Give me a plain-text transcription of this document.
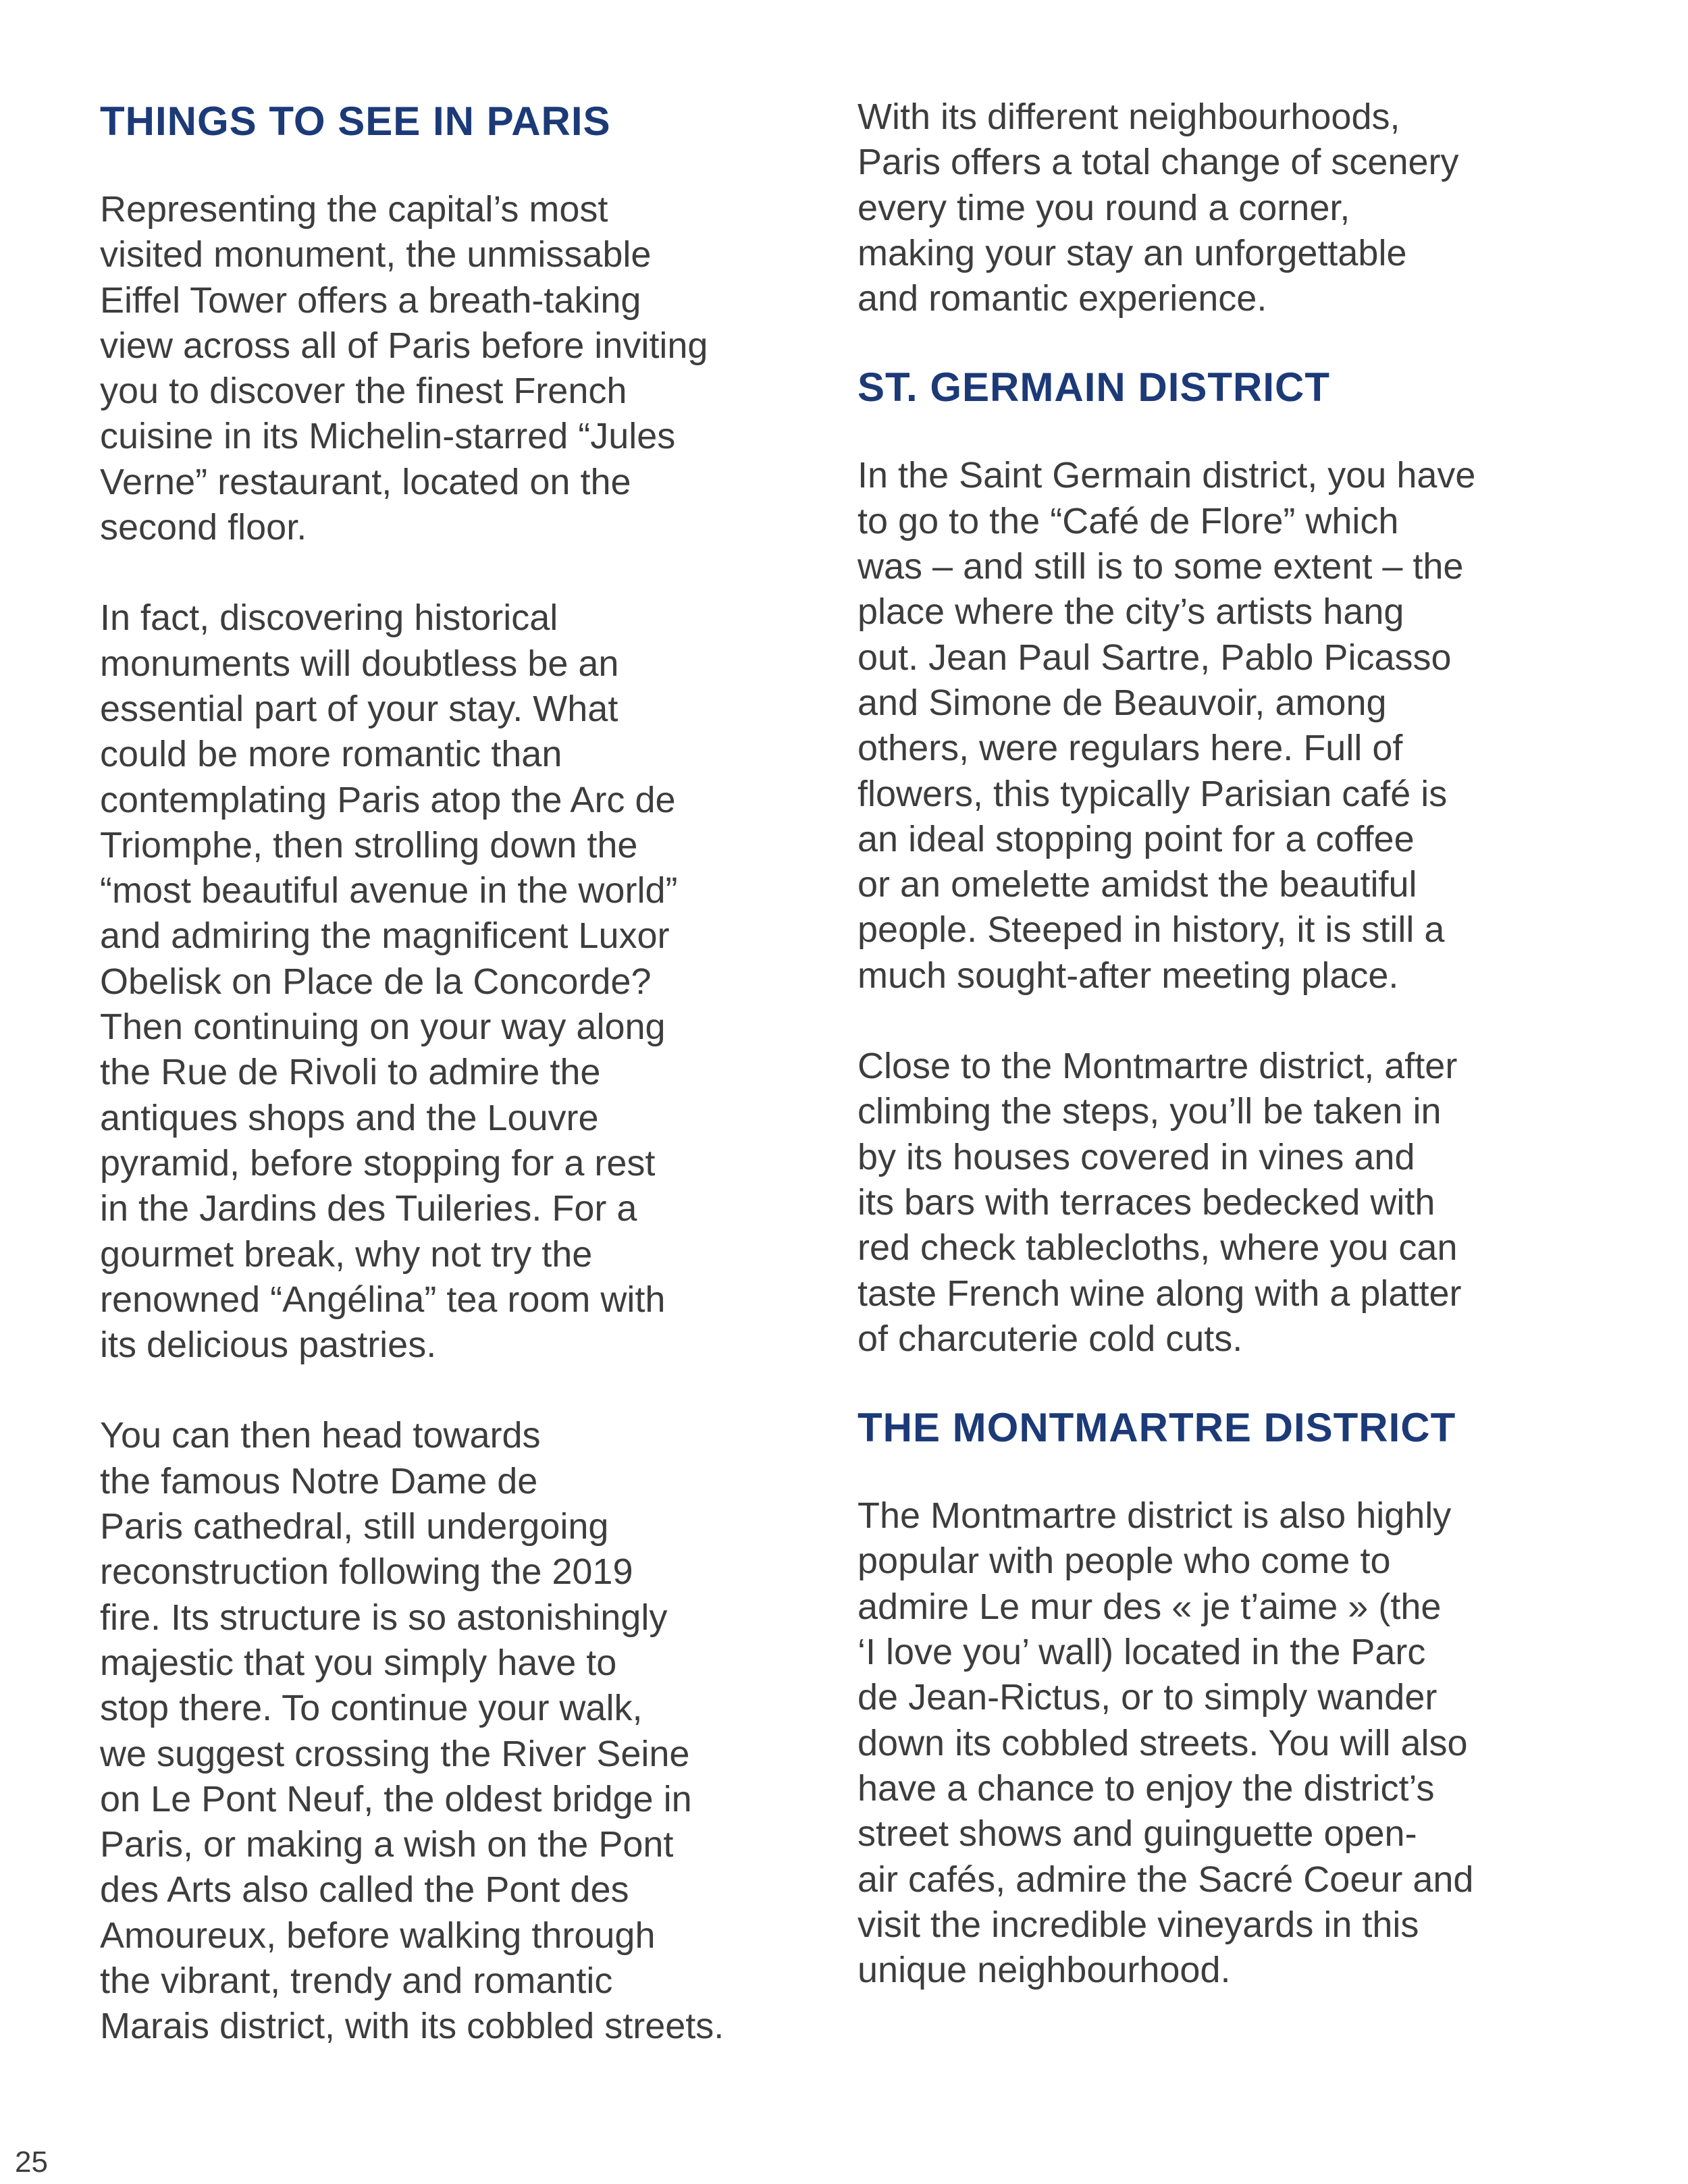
THINGS TO SEE IN PARIS
Representing the capital’s most
visited monument, the unmissable
Eiffel Tower offers a breath-taking
view across all of Paris before inviting
you to discover the finest French
cuisine in its Michelin-starred “Jules
Verne” restaurant, located on the
second floor.
In fact, discovering historical
monuments will doubtless be an
essential part of your stay. What
could be more romantic than
contemplating Paris atop the Arc de
Triomphe, then strolling down the
“most beautiful avenue in the world”
and admiring the magnificent Luxor
Obelisk on Place de la Concorde?
Then continuing on your way along
the Rue de Rivoli to admire the
antiques shops and the Louvre
pyramid, before stopping for a rest
in the Jardins des Tuileries. For a
gourmet break, why not try the
renowned “Angélina” tea room with
its delicious pastries.
You can then head towards
the famous Notre Dame de
Paris cathedral, still undergoing
reconstruction following the 2019
fire. Its structure is so astonishingly
majestic that you simply have to
stop there. To continue your walk,
we suggest crossing the River Seine
on Le Pont Neuf, the oldest bridge in
Paris, or making a wish on the Pont
des Arts also called the Pont des
Amoureux, before walking through
the vibrant, trendy and romantic
Marais district, with its cobbled streets.
With its different neighbourhoods,
Paris offers a total change of scenery
every time you round a corner,
making your stay an unforgettable
and romantic experience.
ST. GERMAIN DISTRICT
In the Saint Germain district, you have
to go to the “Café de Flore” which
was – and still is to some extent – the
place where the city’s artists hang
out. Jean Paul Sartre, Pablo Picasso
and Simone de Beauvoir, among
others, were regulars here. Full of
flowers, this typically Parisian café is
an ideal stopping point for a coffee
or an omelette amidst the beautiful
people. Steeped in history, it is still a
much sought-after meeting place.
Close to the Montmartre district, after
climbing the steps, you’ll be taken in
by its houses covered in vines and
its bars with terraces bedecked with
red check tablecloths, where you can
taste French wine along with a platter
of charcuterie cold cuts.
THE MONTMARTRE DISTRICT
The Montmartre district is also highly
popular with people who come to
admire Le mur des « je t’aime » (the
‘I love you’ wall) located in the Parc
de Jean-Rictus, or to simply wander
down its cobbled streets. You will also
have a chance to enjoy the district’s
street shows and guinguette open-
air cafés, admire the Sacré Coeur and
visit the incredible vineyards in this
unique neighbourhood.
25
